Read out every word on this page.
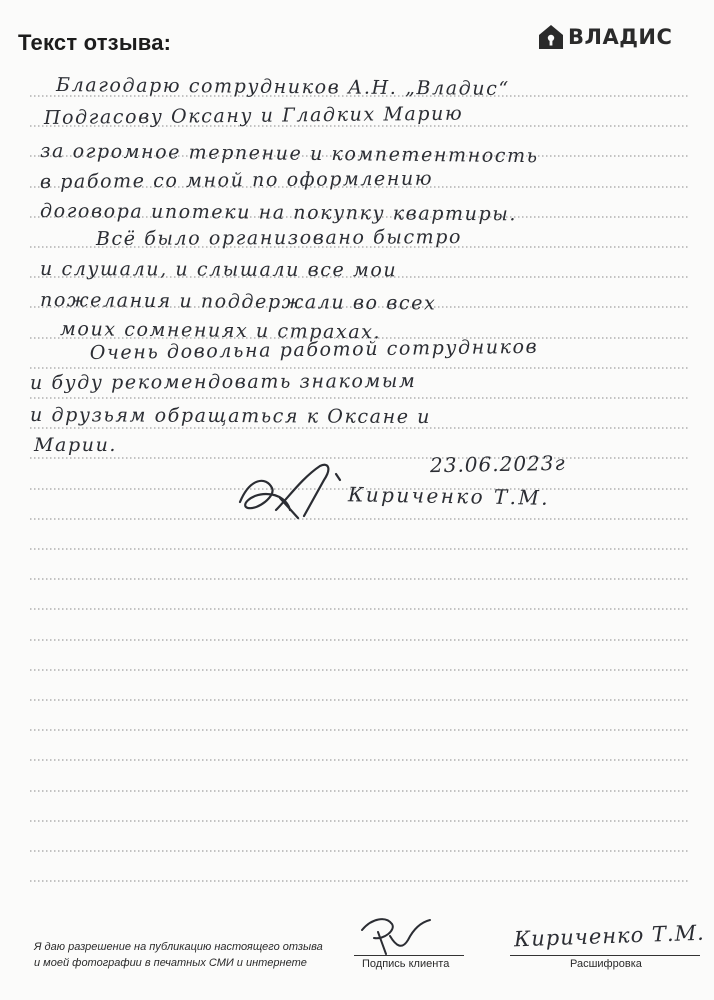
Текст отзыва:	ВЛАДИС
Благодарю сотрудников А.Н. „Владис“
Подгасову Оксану и Гладких Марию
за огромное терпение и компетентность
в работе со мной по оформлению
договора ипотеки на покупку квартиры.
Всё было организовано быстро
и слушали, и слышали все мои
пожелания и поддержали во всех
моих сомнениях и страхах.
Очень довольна работой сотрудников
и буду рекомендовать знакомым
и друзьям обращаться к Оксане и
Марии.
23.06.2023г
Кириченко Т.М.
Я даю разрешение на публикацию настоящего отзыва
и моей фотографии в печатных СМИ и интернете	Подпись клиента
Кириченко Т.М.
Расшифровка
